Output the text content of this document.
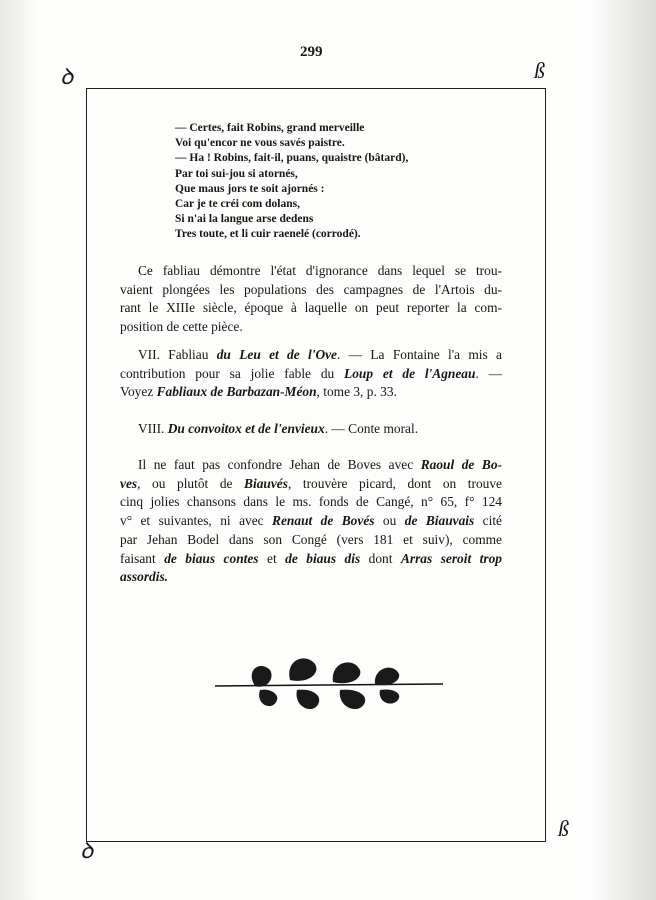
299
ꝺ	ß
ꝺ
ß
— Certes, fait Robins, grand merveille
Voi qu'encor ne vous savés paistre.
— Ha ! Robins, fait-il, puans, quaistre (bâtard),
Par toi sui-jou si atornés,
Que maus jors te soit ajornés :
Car je te créi com dolans,
Si n'ai la langue arse dedens
Tres toute, et li cuir raenelé (corrodé).
Ce fabliau démontre l'état d'ignorance dans lequel se trou-
vaient plongées les populations des campagnes de l'Artois du-
rant le XIIIe siècle, époque à laquelle on peut reporter la com-
position de cette pièce.
VII. Fabliau du Leu et de l'Ove. — La Fontaine l'a mis a
contribution pour sa jolie fable du Loup et de l'Agneau. —
Voyez Fabliaux de Barbazan-Méon, tome 3, p. 33.
VIII. Du convoitox et de l'envieux. — Conte moral.
Il ne faut pas confondre Jehan de Boves avec Raoul de Bo-
ves, ou plutôt de Biauvés, trouvère picard, dont on trouve
cinq jolies chansons dans le ms. fonds de Cangé, n° 65, f° 124
v° et suivantes, ni avec Renaut de Bovés ou de Biauvais cité
par Jehan Bodel dans son Congé (vers 181 et suiv), comme
faisant de biaus contes et de biaus dis dont Arras seroit trop
assordis.
